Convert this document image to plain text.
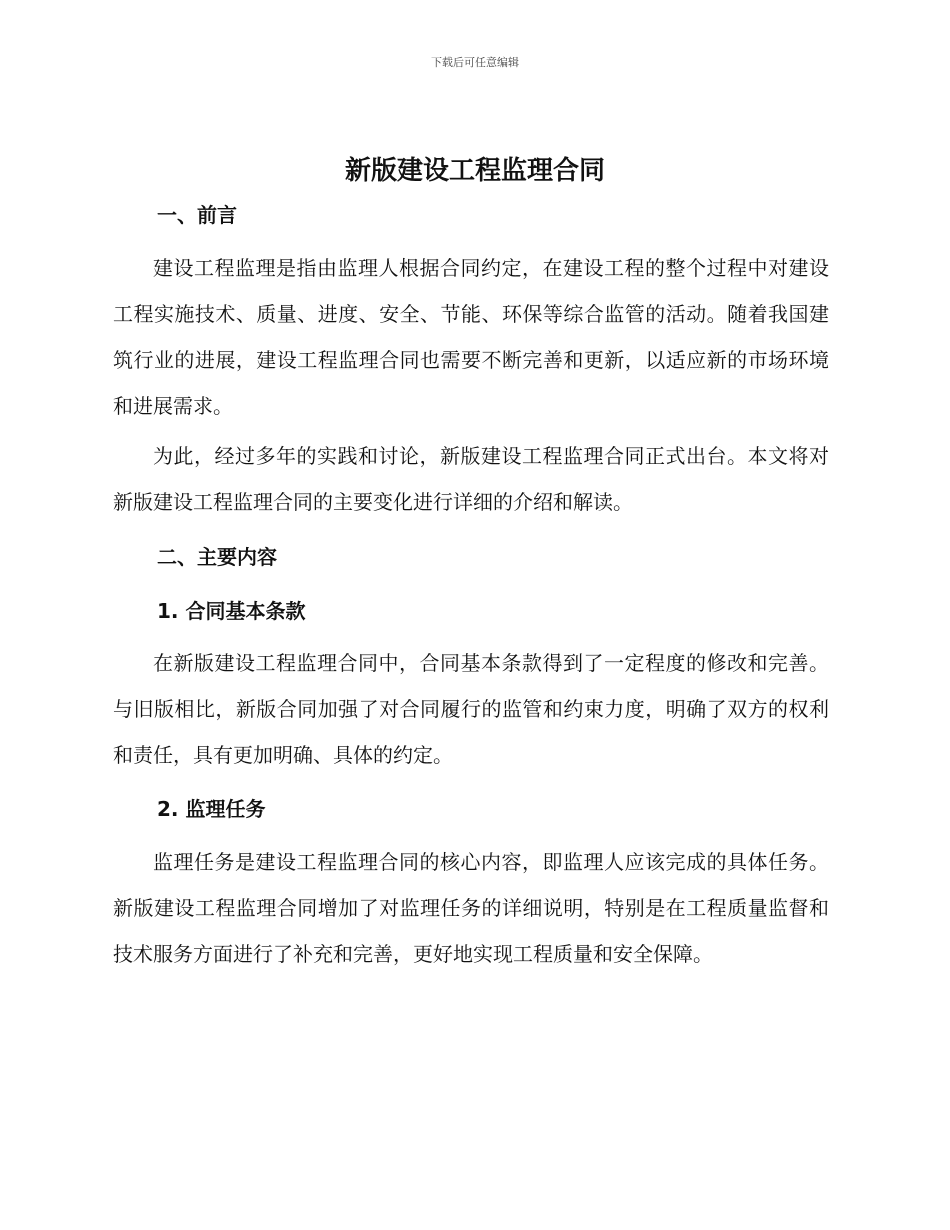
下载后可任意编辑
新版建设工程监理合同
一、前言
建设工程监理是指由监理人根据合同约定，在建设工程的整个过程中对建设工程实施技术、质量、进度、安全、节能、环保等综合监管的活动。随着我国建筑行业的进展，建设工程监理合同也需要不断完善和更新，以适应新的市场环境和进展需求。
为此，经过多年的实践和讨论，新版建设工程监理合同正式出台。本文将对新版建设工程监理合同的主要变化进行详细的介绍和解读。
二、主要内容
1. 合同基本条款
在新版建设工程监理合同中，合同基本条款得到了一定程度的修改和完善。与旧版相比，新版合同加强了对合同履行的监管和约束力度，明确了双方的权利和责任，具有更加明确、具体的约定。
2. 监理任务
监理任务是建设工程监理合同的核心内容，即监理人应该完成的具体任务。新版建设工程监理合同增加了对监理任务的详细说明，特别是在工程质量监督和技术服务方面进行了补充和完善，更好地实现工程质量和安全保障。
